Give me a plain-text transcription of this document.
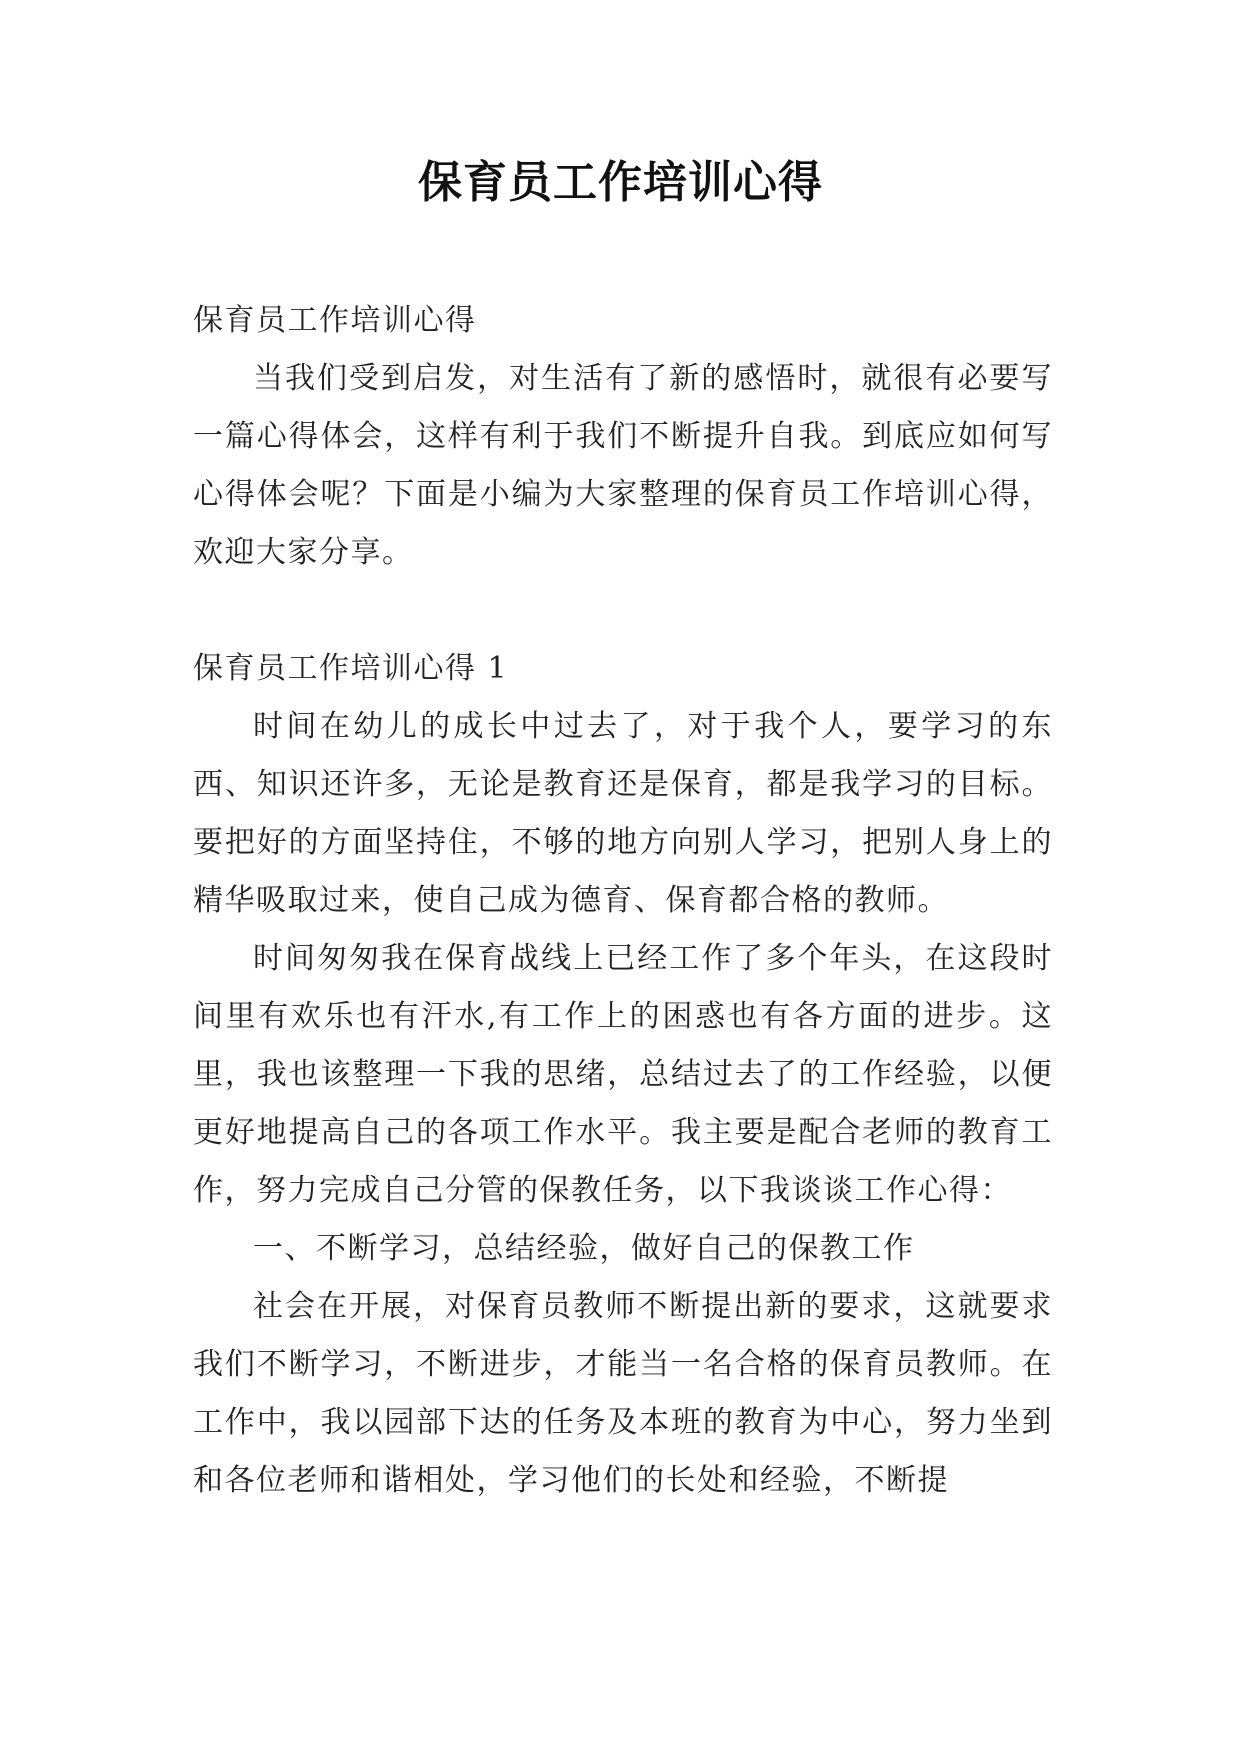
保育员工作培训心得

保育员工作培训心得

当我们受到启发，对生活有了新的感悟时，就很有必要写一篇心得体会，这样有利于我们不断提升自我。到底应如何写心得体会呢？下面是小编为大家整理的保育员工作培训心得，欢迎大家分享。

保育员工作培训心得 1

时间在幼儿的成长中过去了，对于我个人，要学习的东西、知识还许多，无论是教育还是保育，都是我学习的目标。要把好的方面坚持住，不够的地方向别人学习，把别人身上的精华吸取过来，使自己成为德育、保育都合格的教师。

时间匆匆我在保育战线上已经工作了多个年头，在这段时间里有欢乐也有汗水,有工作上的困惑也有各方面的进步。这里，我也该整理一下我的思绪，总结过去了的工作经验，以便更好地提高自己的各项工作水平。我主要是配合老师的教育工作，努力完成自己分管的保教任务，以下我谈谈工作心得：

一、不断学习，总结经验，做好自己的保教工作

社会在开展，对保育员教师不断提出新的要求，这就要求我们不断学习，不断进步，才能当一名合格的保育员教师。在工作中，我以园部下达的任务及本班的教育为中心，努力坐到和各位老师和谐相处，学习他们的长处和经验，不断提
